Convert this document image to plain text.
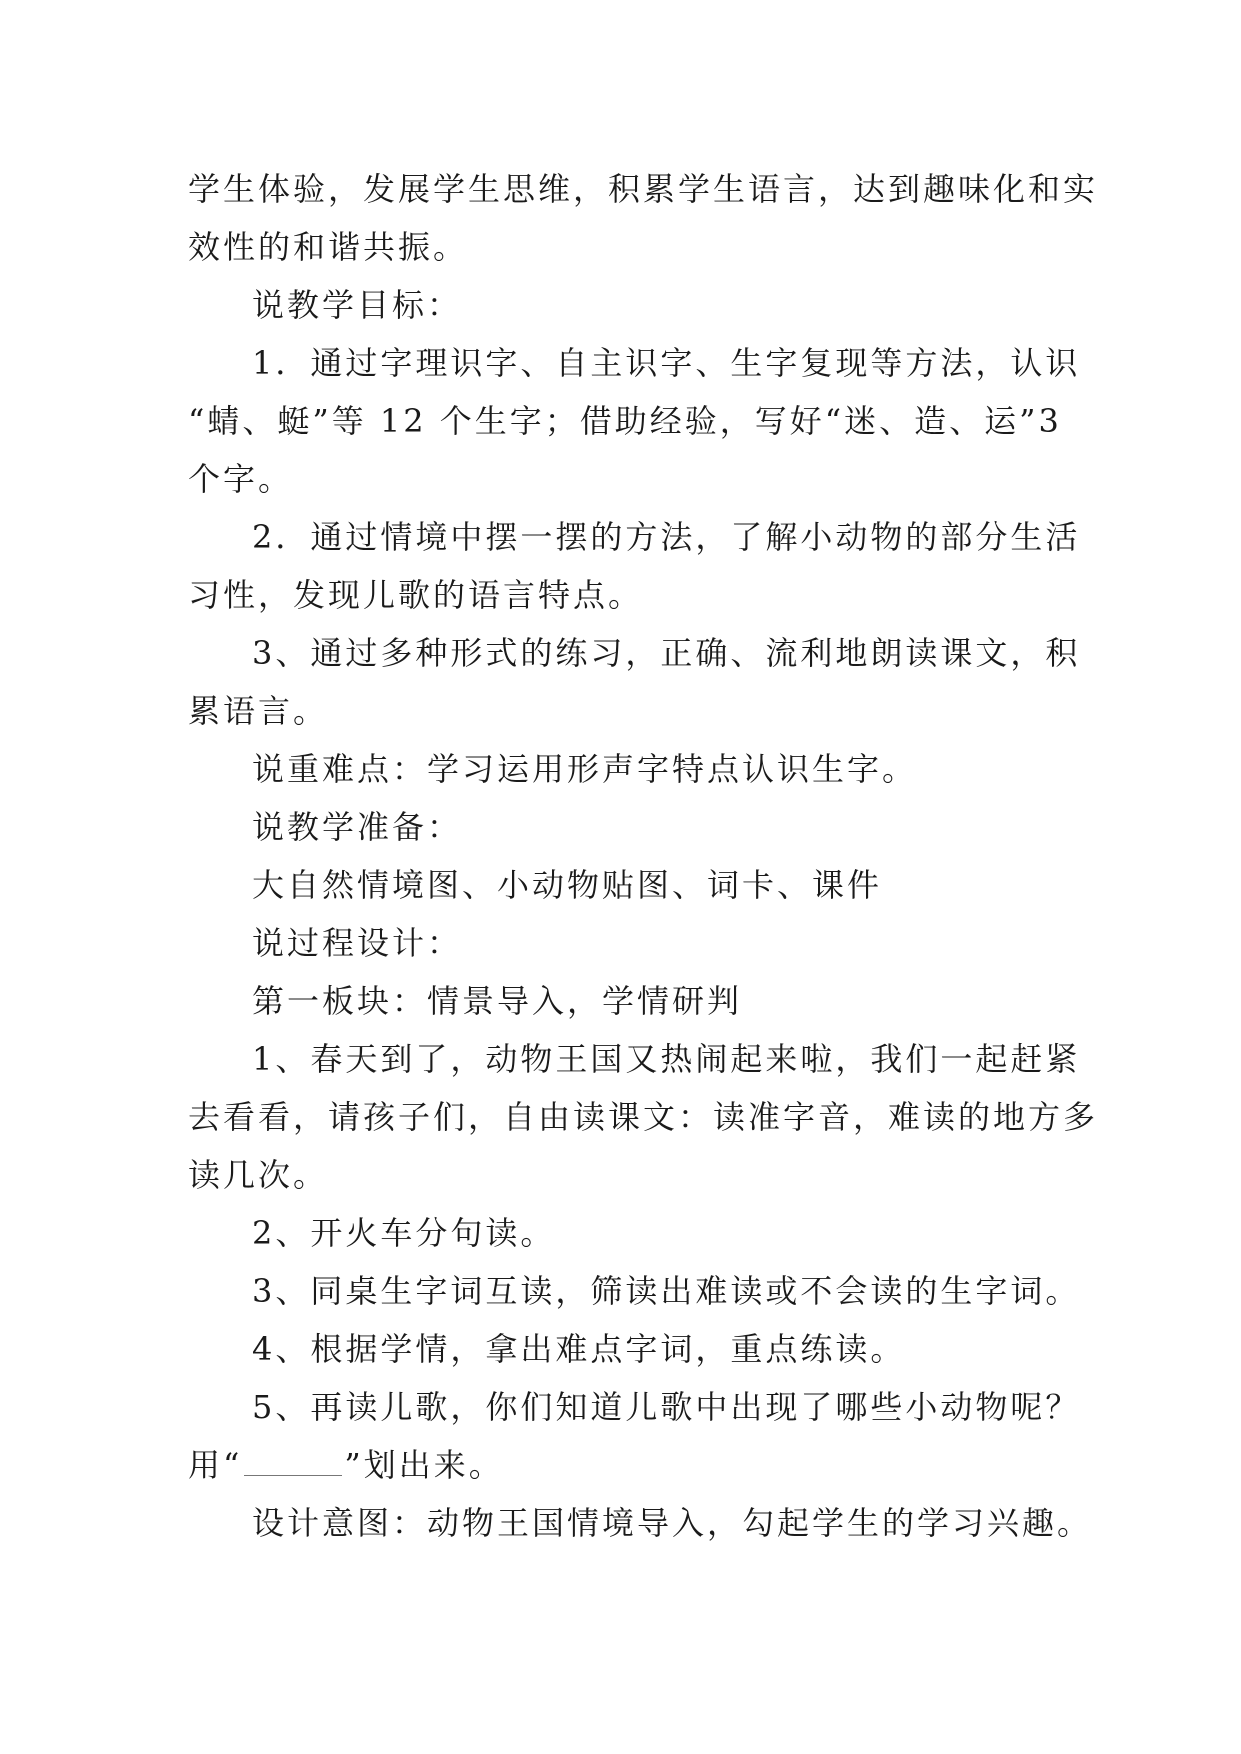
学生体验，发展学生思维，积累学生语言，达到趣味化和实
效性的和谐共振。
说教学目标：
1．通过字理识字、自主识字、生字复现等方法，认识
“蜻、蜓”等 12 个生字；借助经验，写好“迷、造、运”3
个字。
2．通过情境中摆一摆的方法，了解小动物的部分生活
习性，发现儿歌的语言特点。
3、通过多种形式的练习，正确、流利地朗读课文，积
累语言。
说重难点：学习运用形声字特点认识生字。
说教学准备：
大自然情境图、小动物贴图、词卡、课件
说过程设计：
第一板块：情景导入，学情研判
1、春天到了，动物王国又热闹起来啦，我们一起赶紧
去看看，请孩子们，自由读课文：读准字音，难读的地方多
读几次。
2、开火车分句读。
3、同桌生字词互读，筛读出难读或不会读的生字词。
4、根据学情，拿出难点字词，重点练读。
5、再读儿歌，你们知道儿歌中出现了哪些小动物呢？
用“	”划出来。
设计意图：动物王国情境导入，勾起学生的学习兴趣。
